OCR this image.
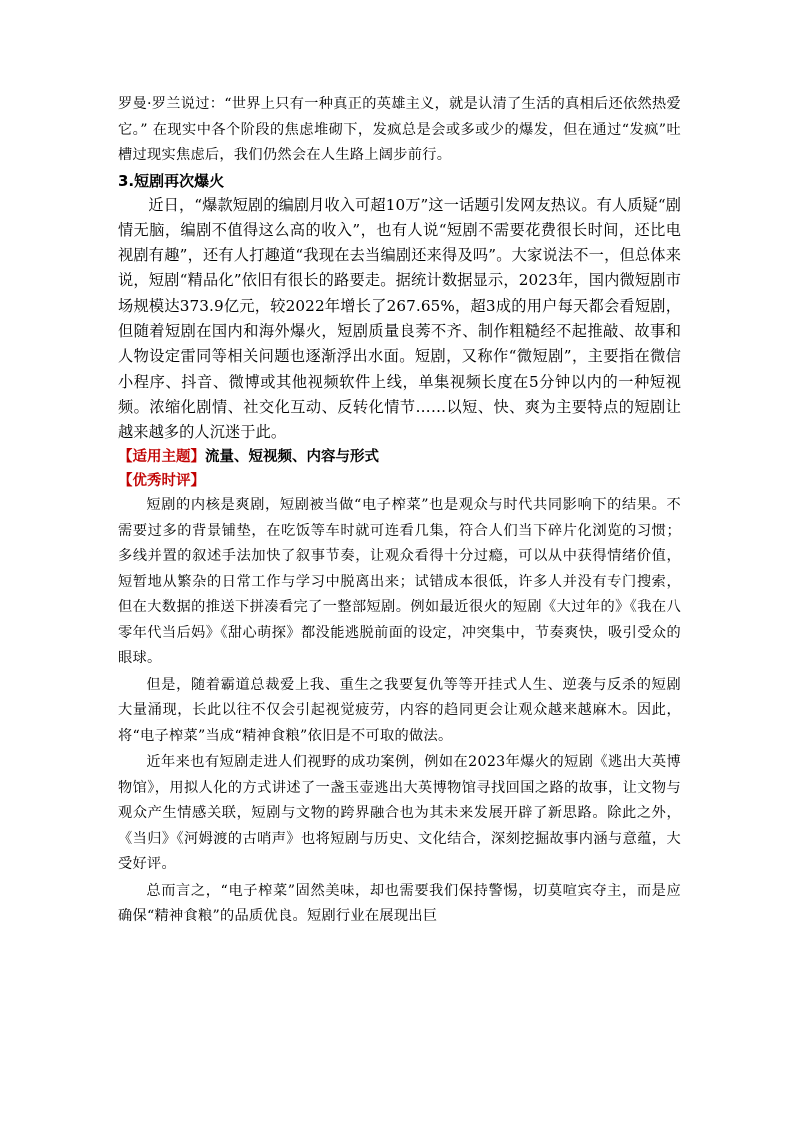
罗曼·罗兰说过：“世界上只有一种真正的英雄主义，就是认清了生活的真相后还依然热爱它。” 在现实中各个阶段的焦虑堆砌下，发疯总是会或多或少的爆发，但在通过“发疯”吐槽过现实焦虑后，我们仍然会在人生路上阔步前行。

3.短剧再次爆火

近日，“爆款短剧的编剧月收入可超10万”这一话题引发网友热议。有人质疑“剧情无脑，编剧不值得这么高的收入”，也有人说“短剧不需要花费很长时间，还比电视剧有趣”，还有人打趣道“我现在去当编剧还来得及吗”。大家说法不一，但总体来说，短剧“精品化”依旧有很长的路要走。据统计数据显示，2023年，国内微短剧市场规模达373.9亿元，较2022年增长了267.65%，超3成的用户每天都会看短剧，但随着短剧在国内和海外爆火，短剧质量良莠不齐、制作粗糙经不起推敲、故事和人物设定雷同等相关问题也逐渐浮出水面。短剧，又称作“微短剧”，主要指在微信小程序、抖音、微博或其他视频软件上线，单集视频长度在5分钟以内的一种短视频。浓缩化剧情、社交化互动、反转化情节……以短、快、爽为主要特点的短剧让越来越多的人沉迷于此。

【适用主题】流量、短视频、内容与形式

【优秀时评】

短剧的内核是爽剧，短剧被当做“电子榨菜”也是观众与时代共同影响下的结果。不需要过多的背景铺垫，在吃饭等车时就可连看几集，符合人们当下碎片化浏览的习惯；多线并置的叙述手法加快了叙事节奏，让观众看得十分过瘾，可以从中获得情绪价值，短暂地从繁杂的日常工作与学习中脱离出来；试错成本很低，许多人并没有专门搜索，但在大数据的推送下拼凑看完了一整部短剧。例如最近很火的短剧《大过年的》《我在八零年代当后妈》《甜心萌探》都没能逃脱前面的设定，冲突集中，节奏爽快，吸引受众的眼球。

但是，随着霸道总裁爱上我、重生之我要复仇等等开挂式人生、逆袭与反杀的短剧大量涌现，长此以往不仅会引起视觉疲劳，内容的趋同更会让观众越来越麻木。因此，将“电子榨菜”当成“精神食粮”依旧是不可取的做法。

近年来也有短剧走进人们视野的成功案例，例如在2023年爆火的短剧《逃出大英博物馆》，用拟人化的方式讲述了一盏玉壶逃出大英博物馆寻找回国之路的故事，让文物与观众产生情感关联，短剧与文物的跨界融合也为其未来发展开辟了新思路。除此之外，《当归》《河姆渡的古哨声》也将短剧与历史、文化结合，深刻挖掘故事内涵与意蕴，大受好评。

总而言之，“电子榨菜”固然美味，却也需要我们保持警惕，切莫喧宾夺主，而是应确保“精神食粮”的品质优良。短剧行业在展现出巨
